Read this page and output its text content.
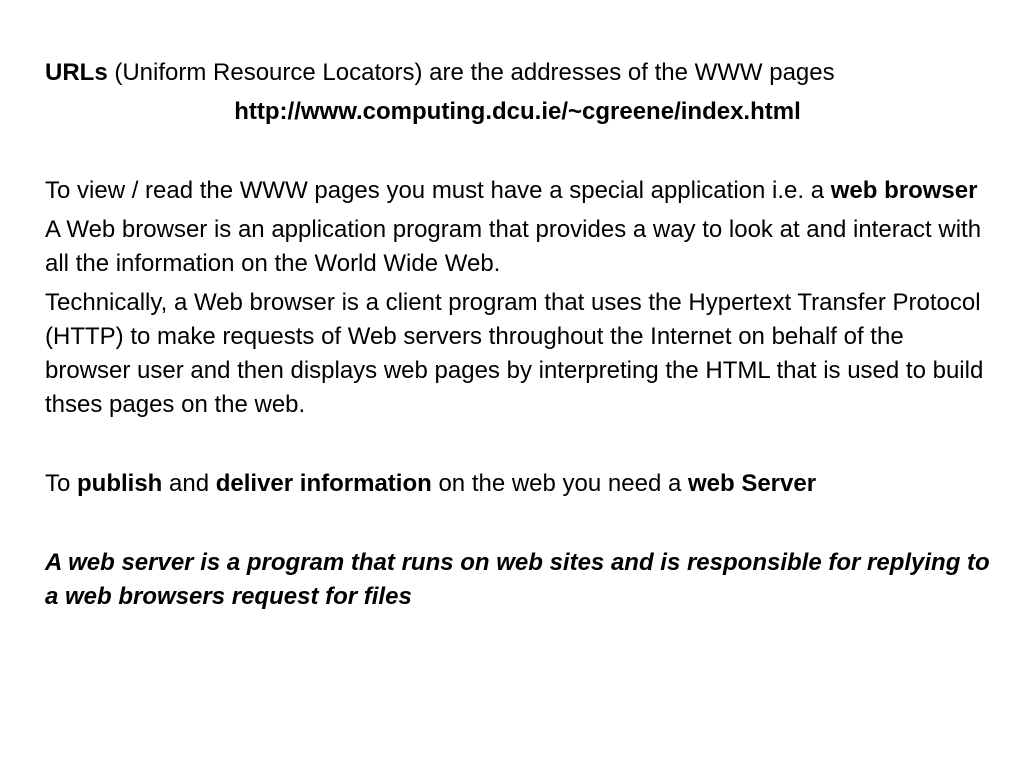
URLs (Uniform Resource Locators) are the addresses of the WWW pages

http://www.computing.dcu.ie/~cgreene/index.html

To view / read the WWW pages you must have a special application i.e. a web browser

A Web browser is an application program that provides a way to look at and interact with all the information on the World Wide Web.

Technically, a Web browser is a client program that uses the Hypertext Transfer Protocol (HTTP) to make requests of Web servers throughout the Internet on behalf of the browser user and then displays web pages by interpreting the HTML that is used to build thses pages on the web.

To publish and deliver information on the web you need a web Server

A web server is a program that runs on web sites and is responsible for replying to a web browsers request for files
